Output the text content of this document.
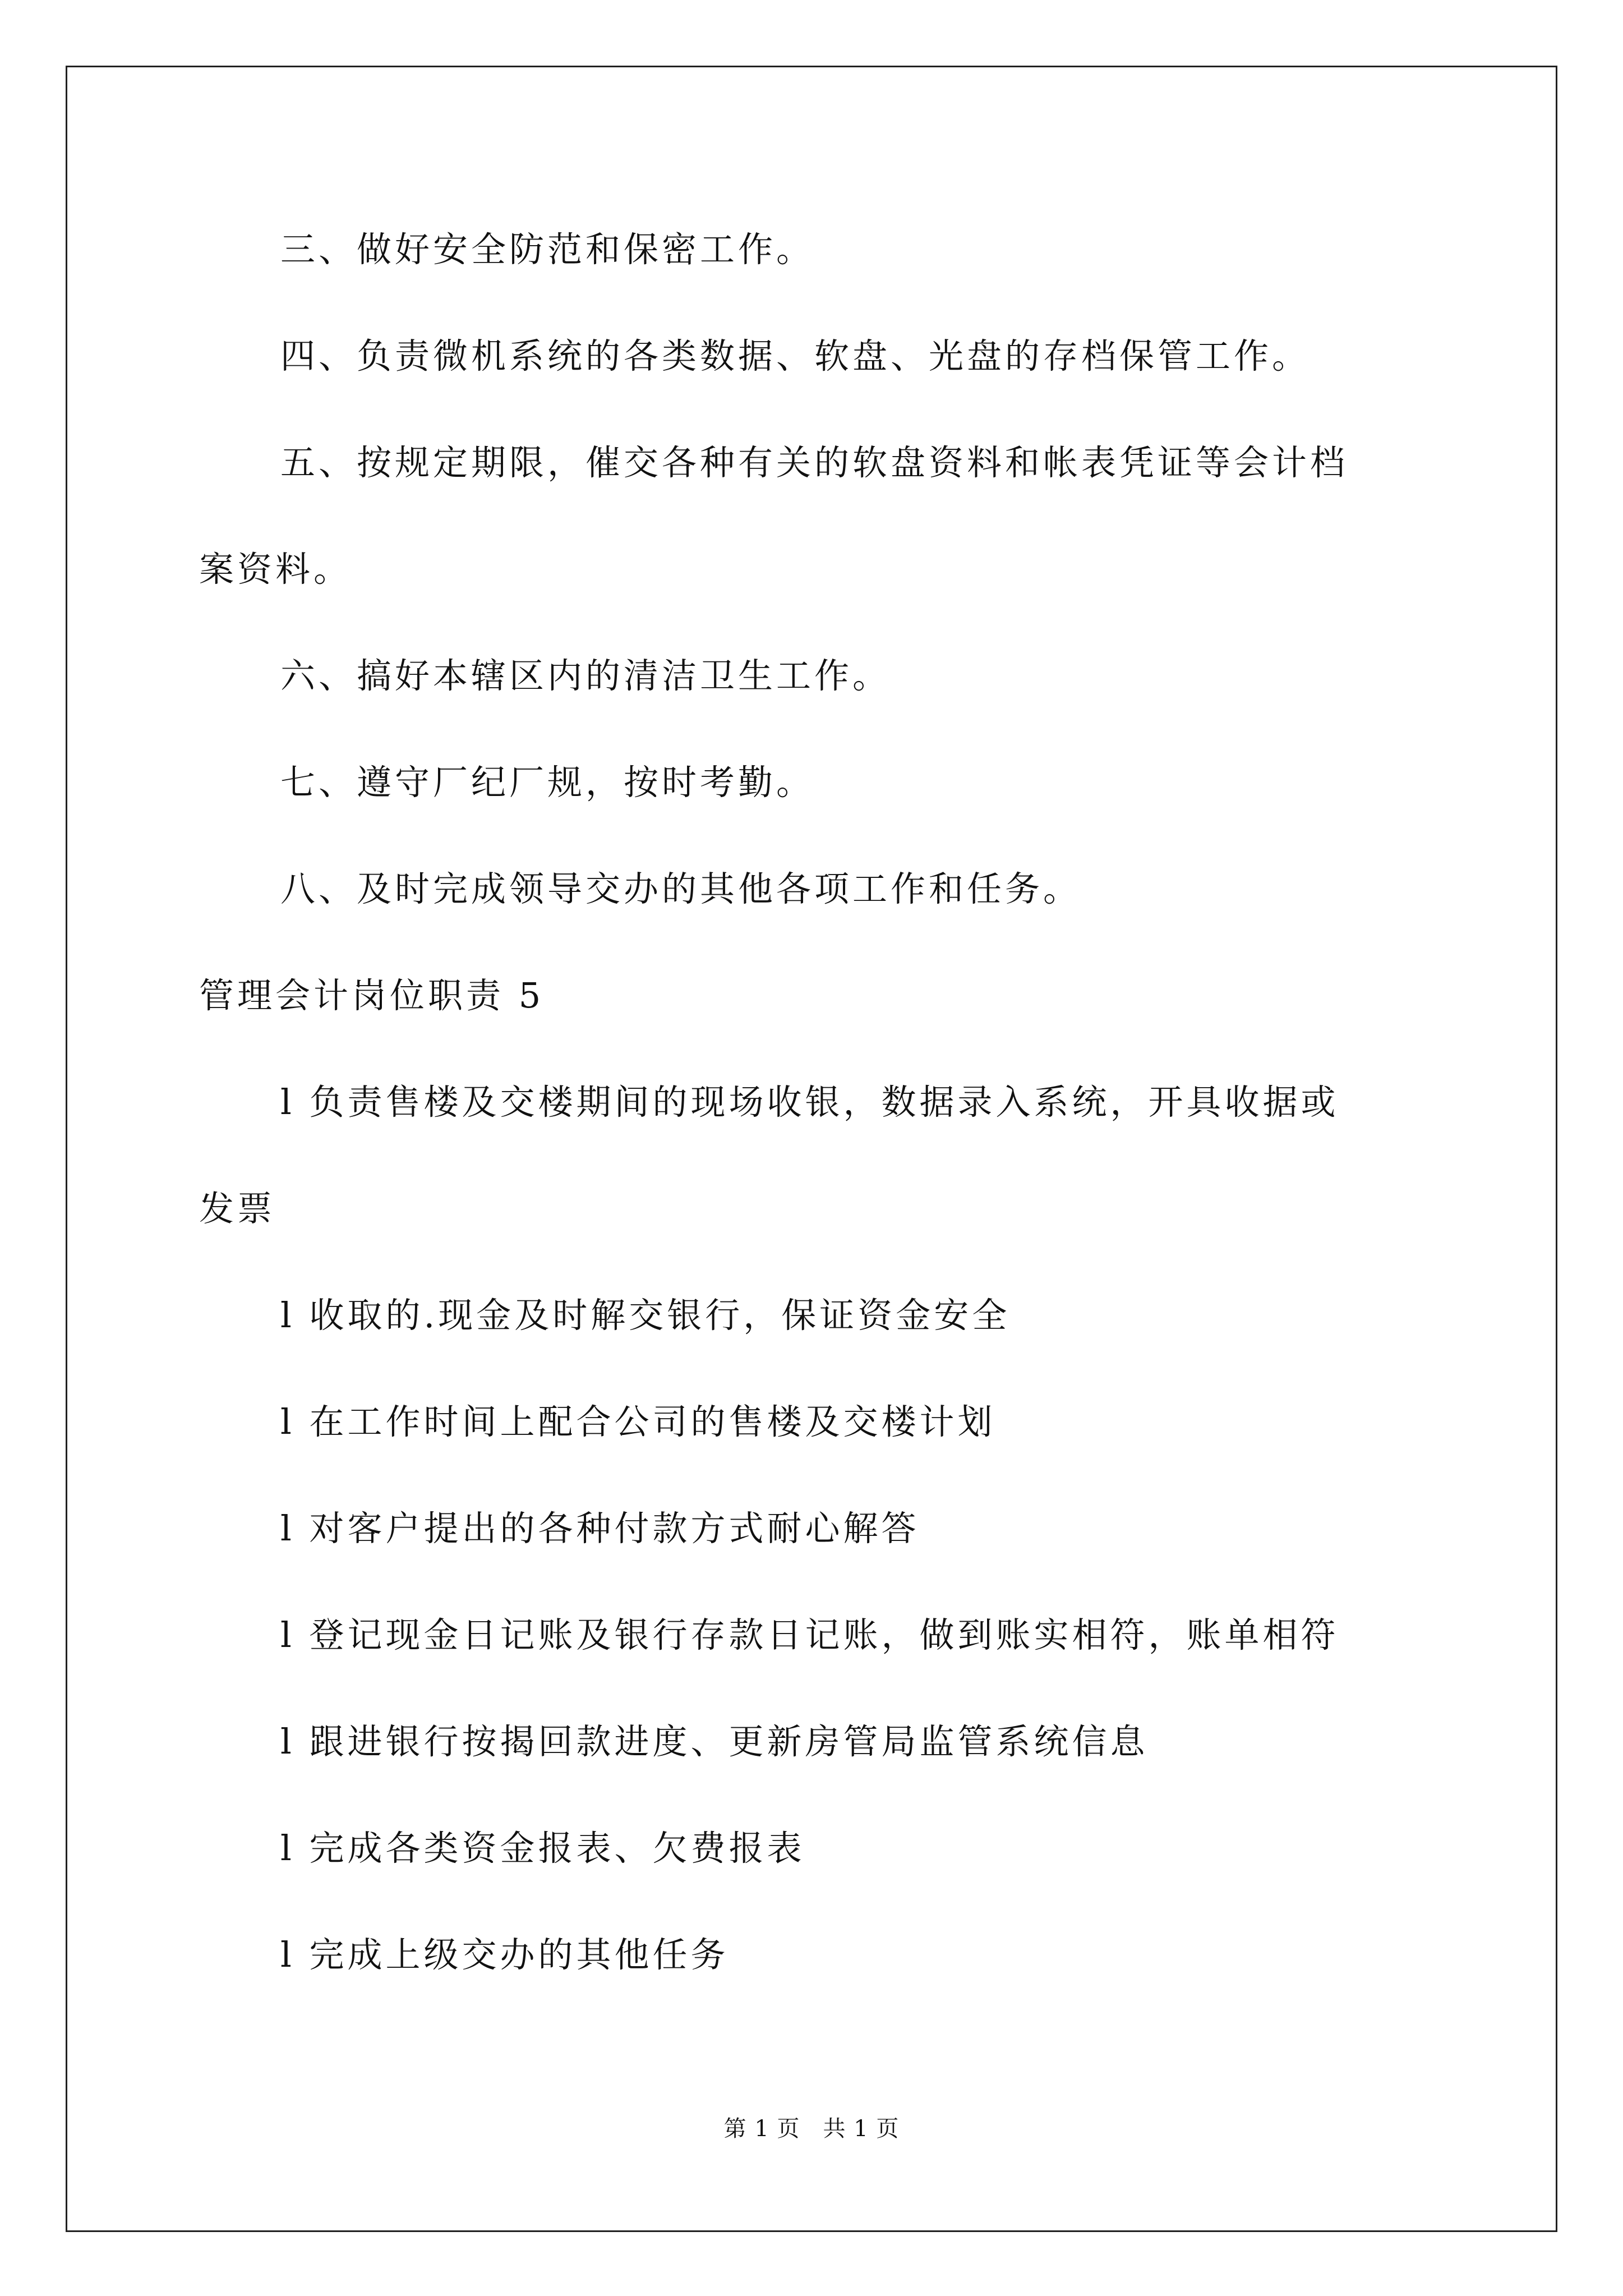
三、做好安全防范和保密工作。
四、负责微机系统的各类数据、软盘、光盘的存档保管工作。
五、按规定期限，催交各种有关的软盘资料和帐表凭证等会计档
案资料。
六、搞好本辖区内的清洁卫生工作。
七、遵守厂纪厂规，按时考勤。
八、及时完成领导交办的其他各项工作和任务。
管理会计岗位职责 5
l 负责售楼及交楼期间的现场收银，数据录入系统，开具收据或
发票
l 收取的.现金及时解交银行，保证资金安全
l 在工作时间上配合公司的售楼及交楼计划
l 对客户提出的各种付款方式耐心解答
l 登记现金日记账及银行存款日记账，做到账实相符，账单相符
l 跟进银行按揭回款进度、更新房管局监管系统信息
l 完成各类资金报表、欠费报表
l 完成上级交办的其他任务
第 1 页　共 1 页
